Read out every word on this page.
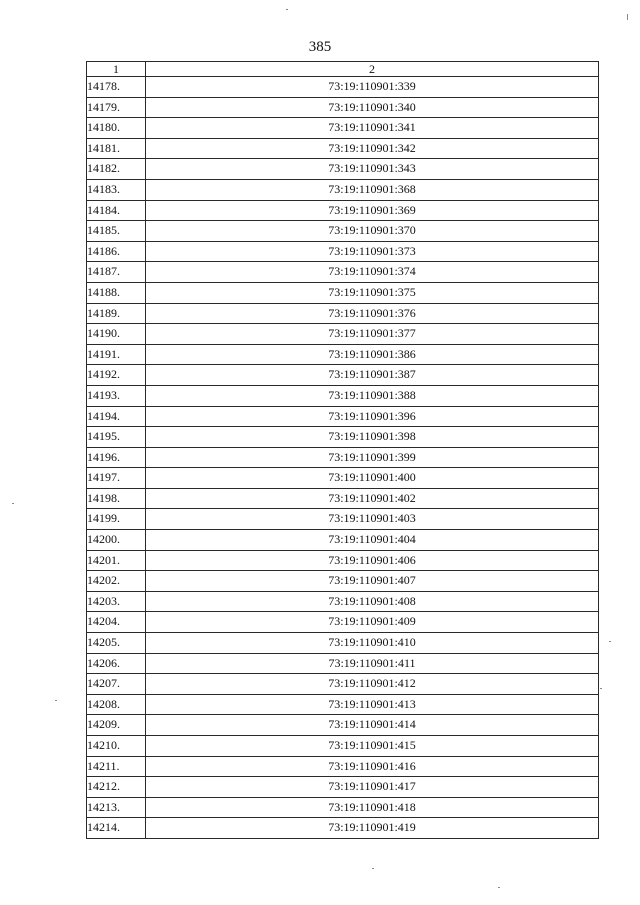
385
1	2
14178.	73:19:110901:339
14179.	73:19:110901:340
14180.	73:19:110901:341
14181.	73:19:110901:342
14182.	73:19:110901:343
14183.	73:19:110901:368
14184.	73:19:110901:369
14185.	73:19:110901:370
14186.	73:19:110901:373
14187.	73:19:110901:374
14188.	73:19:110901:375
14189.	73:19:110901:376
14190.	73:19:110901:377
14191.	73:19:110901:386
14192.	73:19:110901:387
14193.	73:19:110901:388
14194.	73:19:110901:396
14195.	73:19:110901:398
14196.	73:19:110901:399
14197.	73:19:110901:400
14198.	73:19:110901:402
14199.	73:19:110901:403
14200.	73:19:110901:404
14201.	73:19:110901:406
14202.	73:19:110901:407
14203.	73:19:110901:408
14204.	73:19:110901:409
14205.	73:19:110901:410
14206.	73:19:110901:411
14207.	73:19:110901:412
14208.	73:19:110901:413
14209.	73:19:110901:414
14210.	73:19:110901:415
14211.	73:19:110901:416
14212.	73:19:110901:417
14213.	73:19:110901:418
14214.	73:19:110901:419
